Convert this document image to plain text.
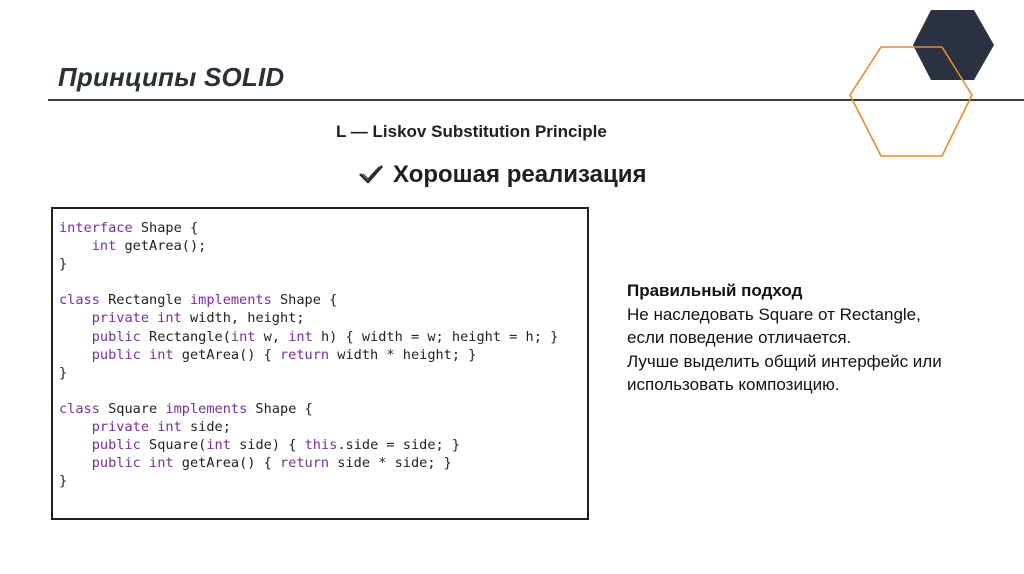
Принципы SOLID
L — Liskov Substitution Principle
Хорошая реализация
interface Shape {
int getArea();
}
class Rectangle implements Shape {
private int width, height;
public Rectangle(int w, int h) { width = w; height = h; }
public int getArea() { return width * height; }
}
class Square implements Shape {
private int side;
public Square(int side) { this.side = side; }
public int getArea() { return side * side; }
}
Правильный подход
Не наследовать Square от Rectangle,
если поведение отличается.
Лучше выделить общий интерфейс или
использовать композицию.
